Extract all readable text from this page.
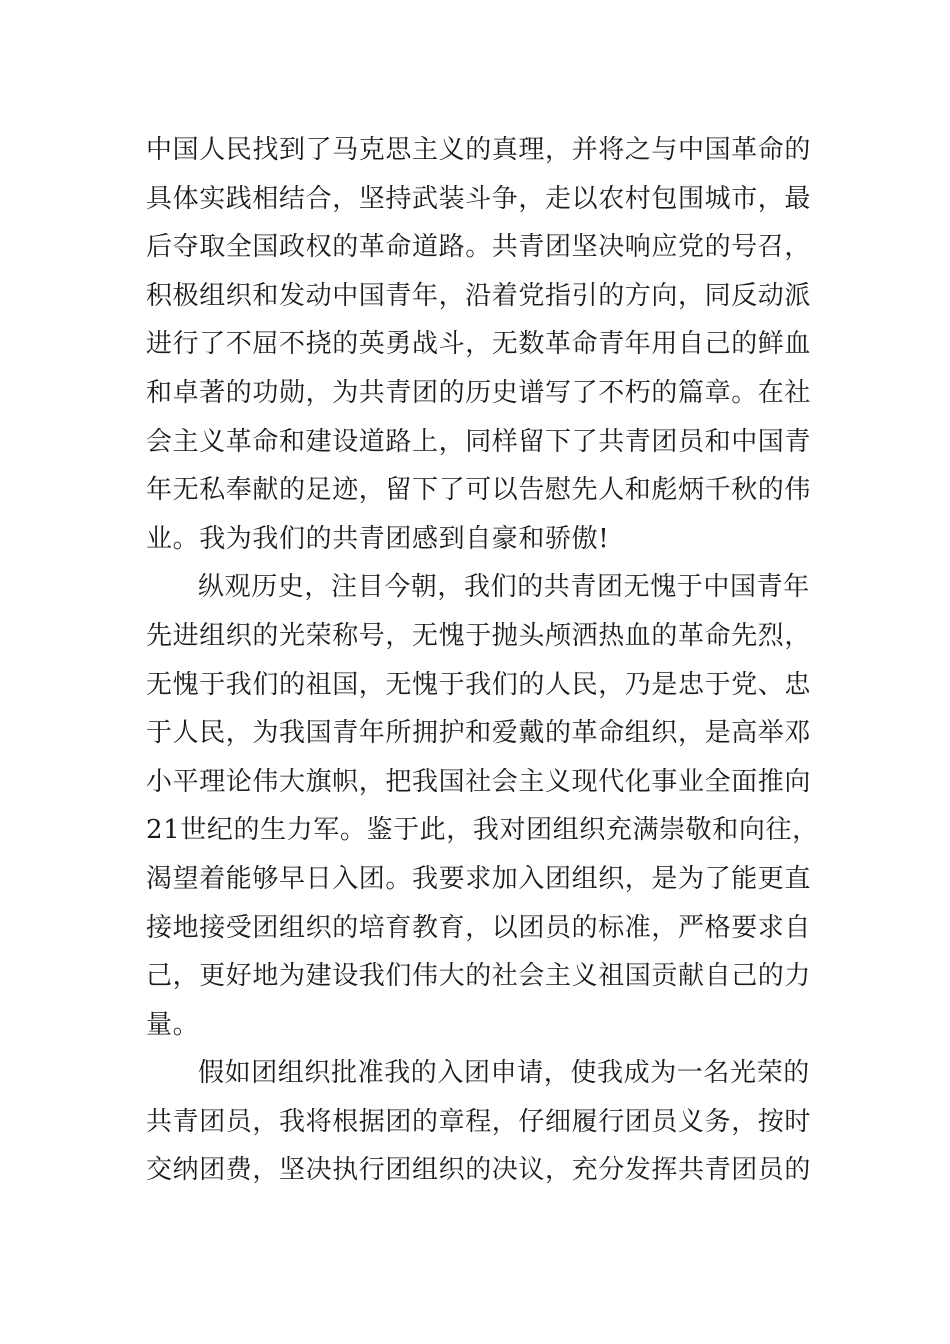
中国人民找到了马克思主义的真理，并将之与中国革命的
具体实践相结合，坚持武装斗争，走以农村包围城市，最
后夺取全国政权的革命道路。共青团坚决响应党的号召，
积极组织和发动中国青年，沿着党指引的方向，同反动派
进行了不屈不挠的英勇战斗，无数革命青年用自己的鲜血
和卓著的功勋，为共青团的历史谱写了不朽的篇章。在社
会主义革命和建设道路上，同样留下了共青团员和中国青
年无私奉献的足迹，留下了可以告慰先人和彪炳千秋的伟
业。我为我们的共青团感到自豪和骄傲!
纵观历史，注目今朝，我们的共青团无愧于中国青年
先进组织的光荣称号，无愧于抛头颅洒热血的革命先烈，
无愧于我们的祖国，无愧于我们的人民，乃是忠于党、忠
于人民，为我国青年所拥护和爱戴的革命组织，是高举邓
小平理论伟大旗帜，把我国社会主义现代化事业全面推向
21世纪的生力军。鉴于此，我对团组织充满崇敬和向往，
渴望着能够早日入团。我要求加入团组织，是为了能更直
接地接受团组织的培育教育，以团员的标准，严格要求自
己，更好地为建设我们伟大的社会主义祖国贡献自己的力
量。
假如团组织批准我的入团申请，使我成为一名光荣的
共青团员，我将根据团的章程，仔细履行团员义务，按时
交纳团费，坚决执行团组织的决议，充分发挥共青团员的
